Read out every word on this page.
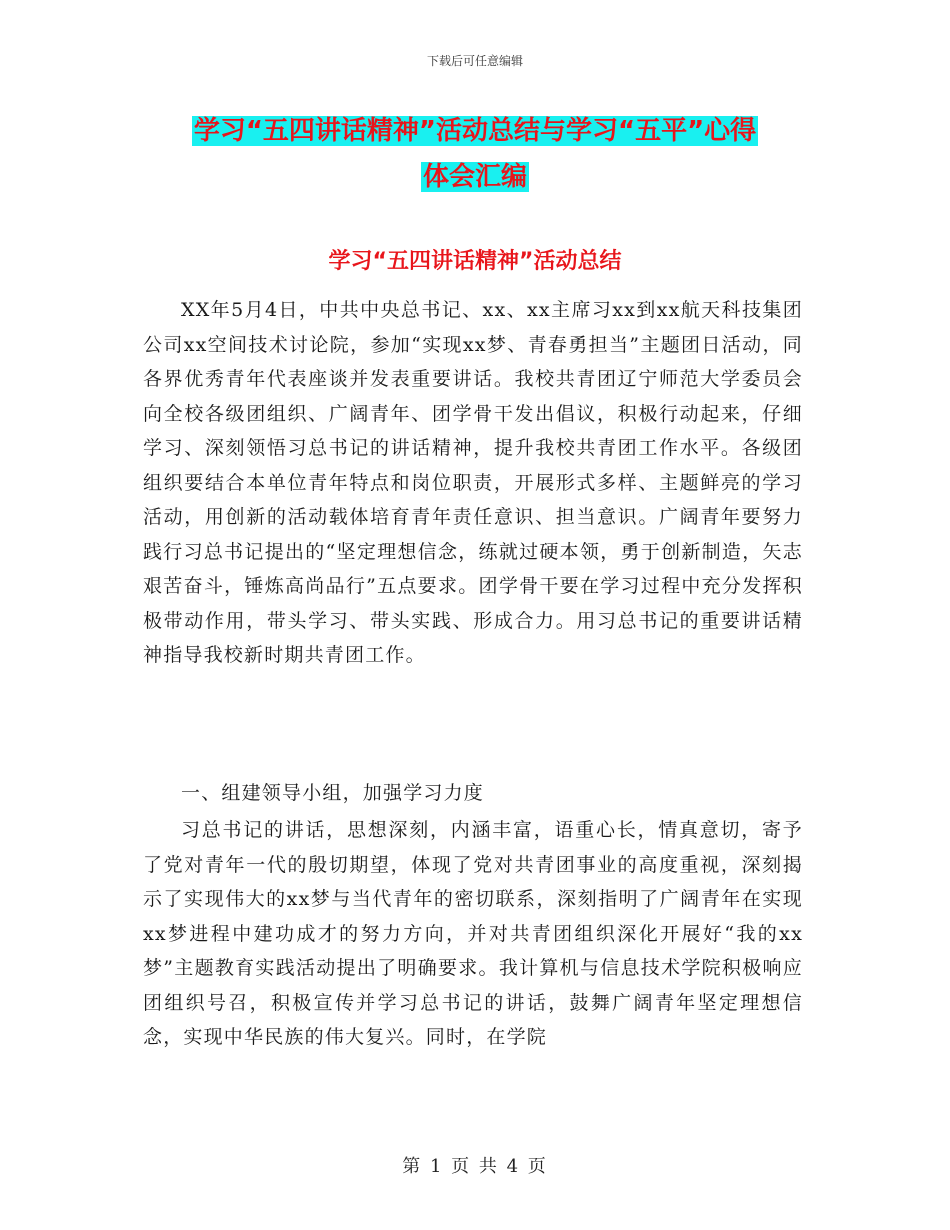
下载后可任意编辑
学习“五四讲话精神”活动总结与学习“五平”心得
体会汇编
学习“五四讲话精神”活动总结
XX年5月4日，中共中央总书记、xx、xx主席习xx到xx航天科技集团公司xx空间技术讨论院，参加“实现xx梦、青春勇担当”主题团日活动，同各界优秀青年代表座谈并发表重要讲话。我校共青团辽宁师范大学委员会向全校各级团组织、广阔青年、团学骨干发出倡议，积极行动起来，仔细学习、深刻领悟习总书记的讲话精神，提升我校共青团工作水平。各级团组织要结合本单位青年特点和岗位职责，开展形式多样、主题鲜亮的学习活动，用创新的活动载体培育青年责任意识、担当意识。广阔青年要努力践行习总书记提出的“坚定理想信念，练就过硬本领，勇于创新制造，矢志艰苦奋斗，锤炼高尚品行”五点要求。团学骨干要在学习过程中充分发挥积极带动作用，带头学习、带头实践、形成合力。用习总书记的重要讲话精神指导我校新时期共青团工作。
一、组建领导小组，加强学习力度
习总书记的讲话，思想深刻，内涵丰富，语重心长，情真意切，寄予了党对青年一代的殷切期望，体现了党对共青团事业的高度重视，深刻揭示了实现伟大的xx梦与当代青年的密切联系，深刻指明了广阔青年在实现xx梦进程中建功成才的努力方向，并对共青团组织深化开展好“我的xx梦”主题教育实践活动提出了明确要求。我计算机与信息技术学院积极响应团组织号召，积极宣传并学习总书记的讲话，鼓舞广阔青年坚定理想信念，实现中华民族的伟大复兴。同时，在学院
第 1 页 共 4 页
